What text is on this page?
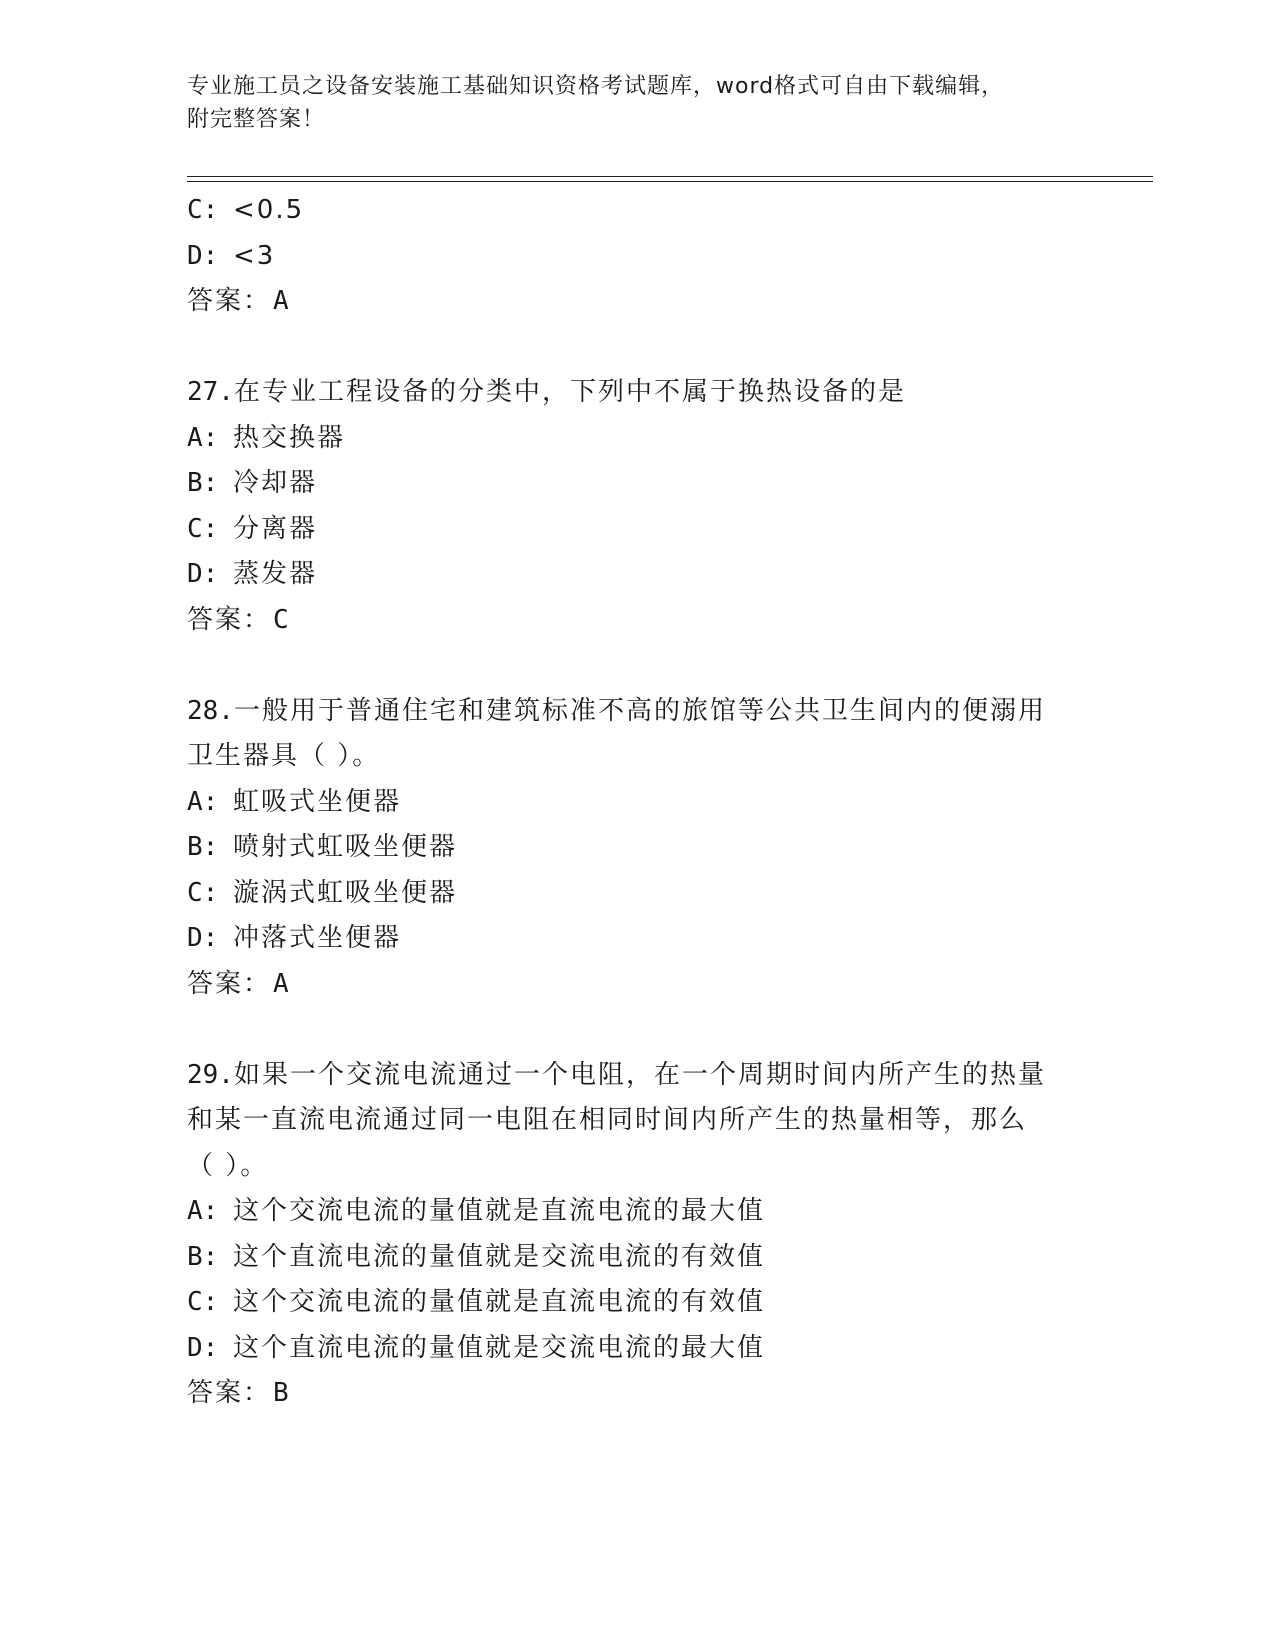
专业施工员之设备安装施工基础知识资格考试题库，word格式可自由下载编辑，
附完整答案！
C: <0.5
D: <3
答案：A
27.在专业工程设备的分类中，下列中不属于换热设备的是
A: 热交换器
B: 冷却器
C: 分离器
D: 蒸发器
答案：C
28.一般用于普通住宅和建筑标准不高的旅馆等公共卫生间内的便溺用
卫生器具（ ）。
A: 虹吸式坐便器
B: 喷射式虹吸坐便器
C: 漩涡式虹吸坐便器
D: 冲落式坐便器
答案：A
29.如果一个交流电流通过一个电阻，在一个周期时间内所产生的热量
和某一直流电流通过同一电阻在相同时间内所产生的热量相等，那么
（ ）。
A: 这个交流电流的量值就是直流电流的最大值
B: 这个直流电流的量值就是交流电流的有效值
C: 这个交流电流的量值就是直流电流的有效值
D: 这个直流电流的量值就是交流电流的最大值
答案：B
